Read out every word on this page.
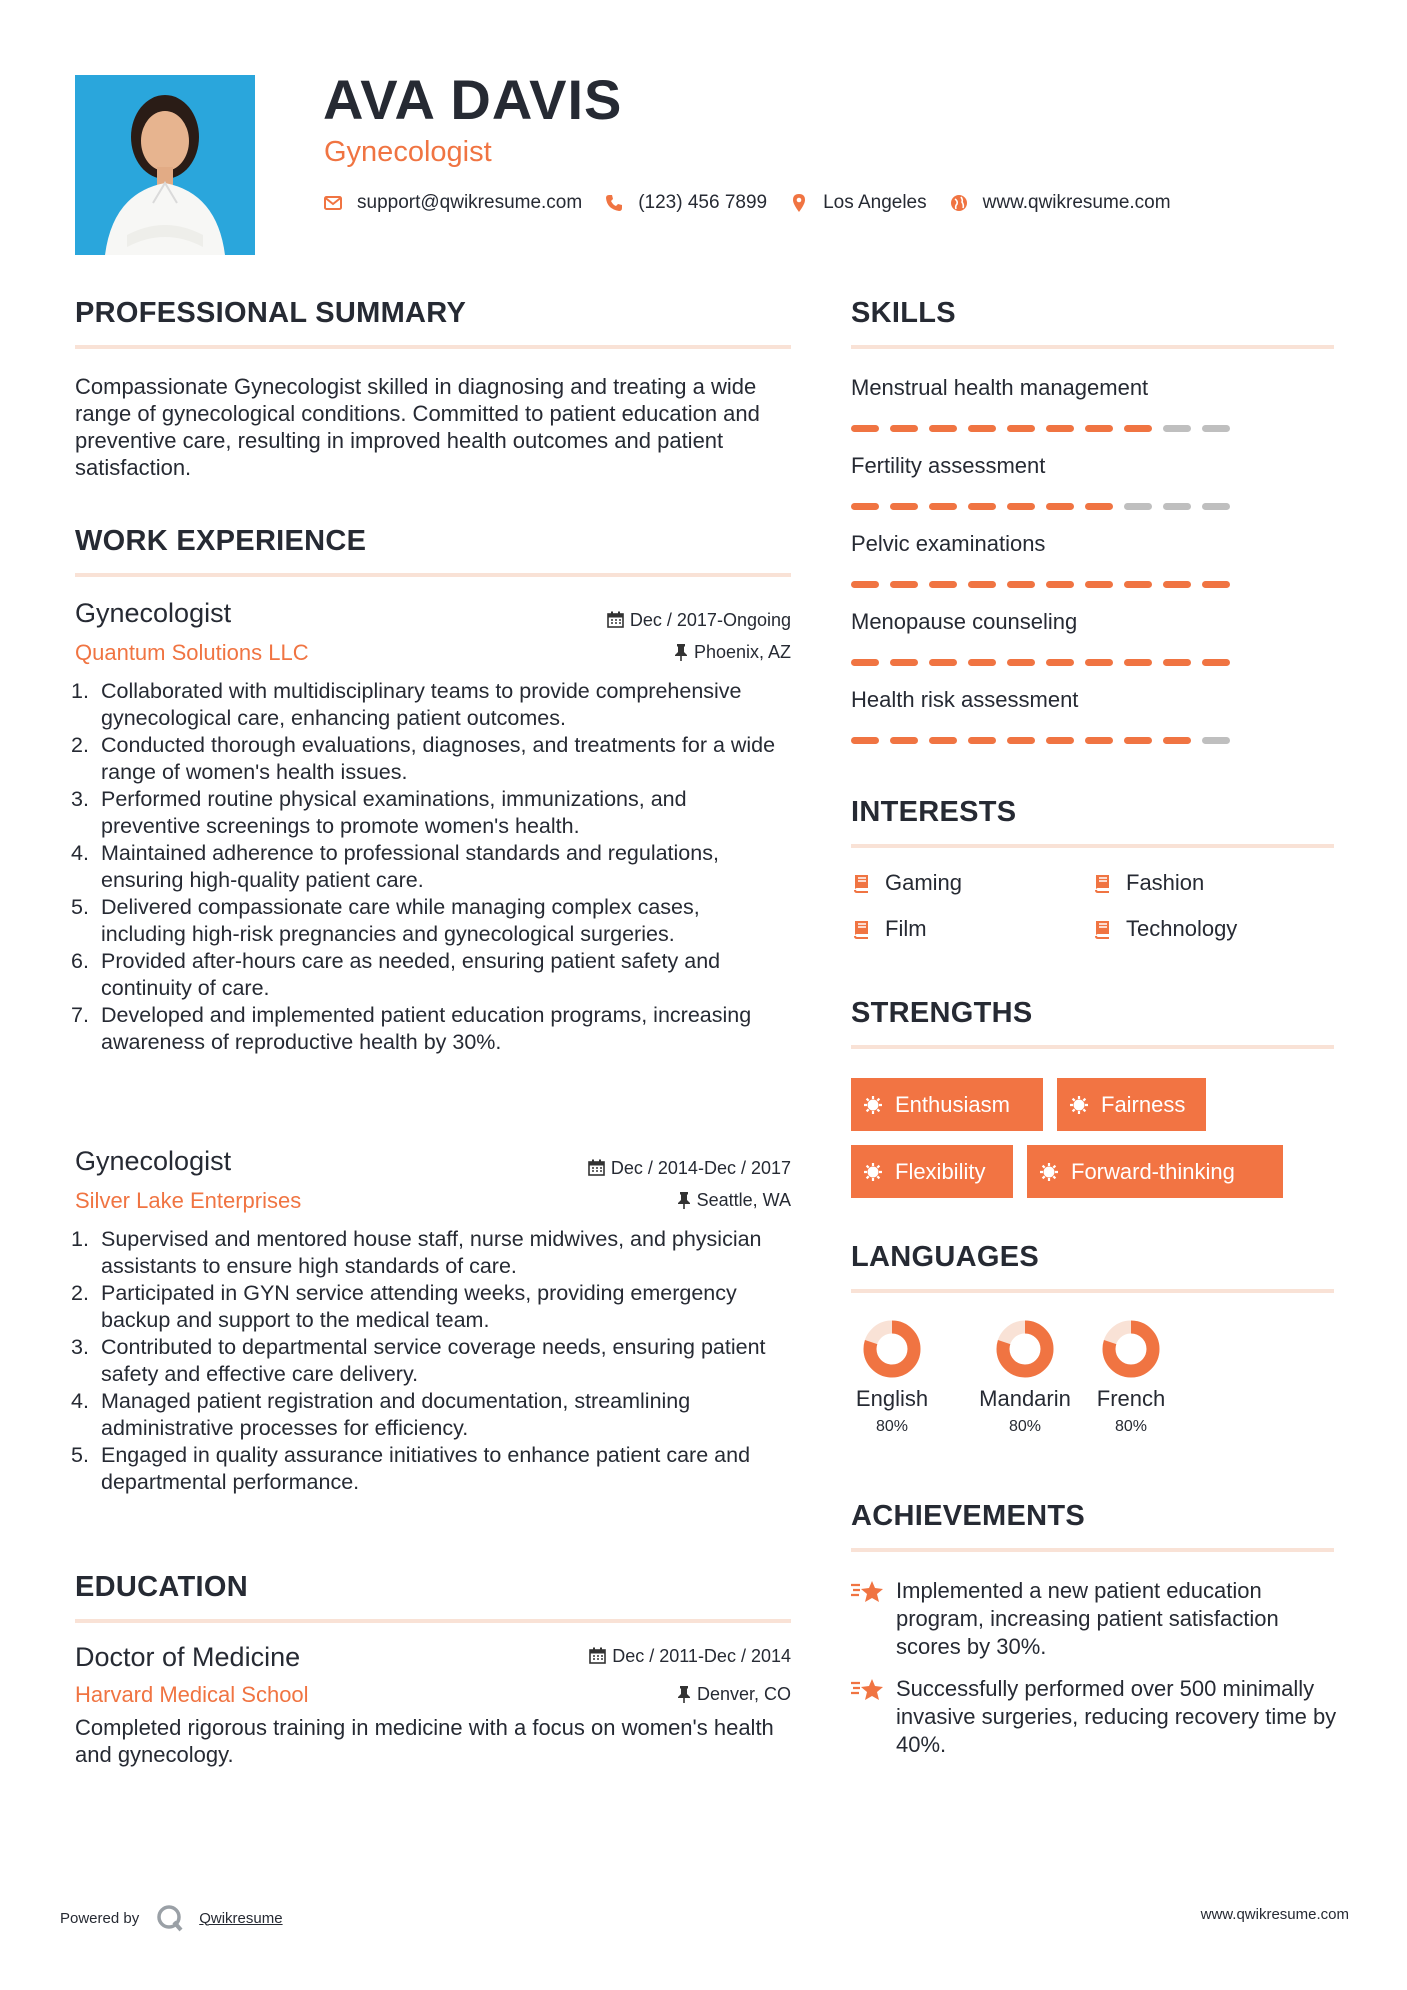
AVA DAVIS

Gynecologist

support@qwikresume.com	(123) 456 7899	Los Angeles	www.qwikresume.com
PROFESSIONAL SUMMARY

Compassionate Gynecologist skilled in diagnosing and treating a wide range of gynecological conditions. Committed to patient education and preventive care, resulting in improved health outcomes and patient satisfaction.

WORK EXPERIENCE

Gynecologist	Dec / 2017-Ongoing

Quantum Solutions LLC	Phoenix, AZ
1. Collaborated with multidisciplinary teams to provide comprehensive gynecological care, enhancing patient outcomes.
2. Conducted thorough evaluations, diagnoses, and treatments for a wide range of women's health issues.
3. Performed routine physical examinations, immunizations, and preventive screenings to promote women's health.
4. Maintained adherence to professional standards and regulations, ensuring high-quality patient care.
5. Delivered compassionate care while managing complex cases, including high-risk pregnancies and gynecological surgeries.
6. Provided after-hours care as needed, ensuring patient safety and continuity of care.
7. Developed and implemented patient education programs, increasing awareness of reproductive health by 30%.

Gynecologist	Dec / 2014-Dec / 2017

Silver Lake Enterprises	Seattle, WA
1. Supervised and mentored house staff, nurse midwives, and physician assistants to ensure high standards of care.
2. Participated in GYN service attending weeks, providing emergency backup and support to the medical team.
3. Contributed to departmental service coverage needs, ensuring patient safety and effective care delivery.
4. Managed patient registration and documentation, streamlining administrative processes for efficiency.
5. Engaged in quality assurance initiatives to enhance patient care and departmental performance.
EDUCATION

Doctor of Medicine	Dec / 2011-Dec / 2014

Harvard Medical School	Denver, CO

Completed rigorous training in medicine with a focus on women's health and gynecology.

SKILLS

Menstrual health management

Fertility assessment

Pelvic examinations

Menopause counseling

Health risk assessment

INTERESTS
Gaming	Fashion
Film	Technology
STRENGTHS
Enthusiasm	Fairness
Flexibility	Forward-thinking
LANGUAGES
English
80%
Mandarin
80%
French
80%
ACHIEVEMENTS
Implemented a new patient education program, increasing patient satisfaction scores by 30%.
Successfully performed over 500 minimally invasive surgeries, reducing recovery time by 40%.
Powered by	Qwikresume	www.qwikresume.com
